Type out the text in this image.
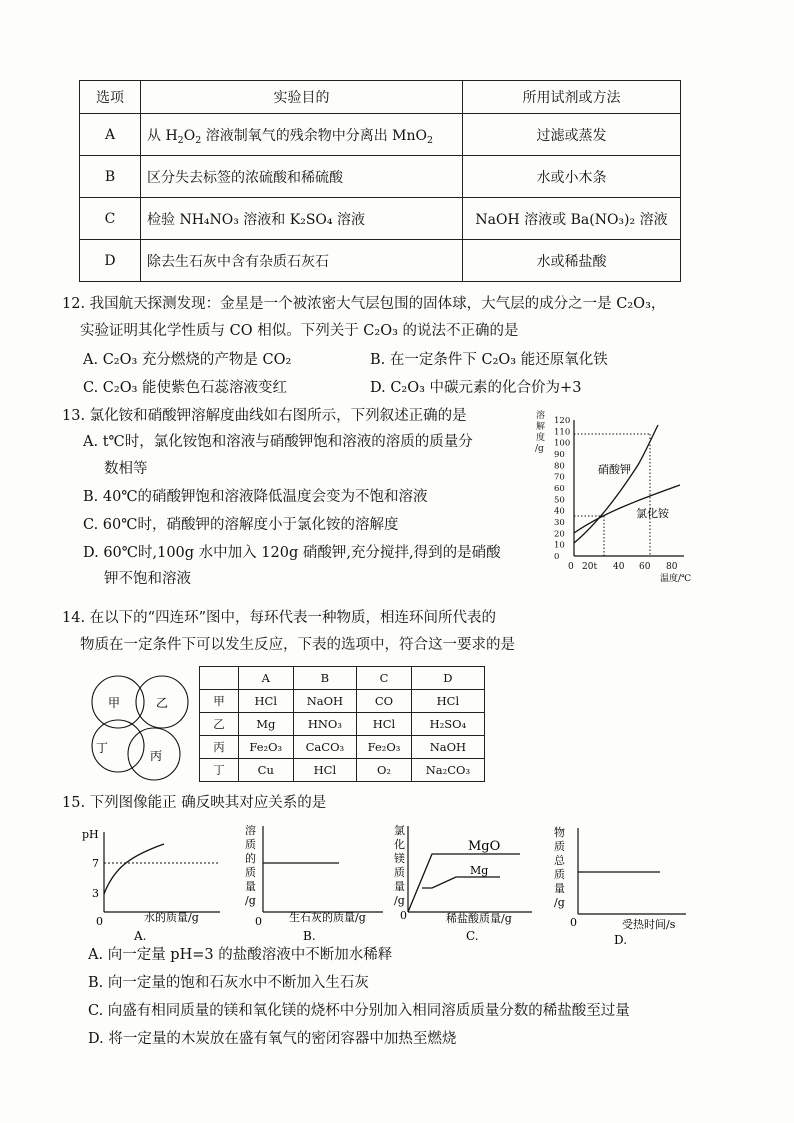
选项	实验目的	所用试剂或方法
A	从 $H_2O_2$ 溶液制氧气的残余物中分离出 MnO$_2$	过滤或蒸发
B	区分失去标签的浓硫酸和稀硫酸	水或小木条
C	检验 NH₄NO₃ 溶液和 K₂SO₄ 溶液	NaOH 溶液或 Ba(NO₃)₂ 溶液
D	除去生石灰中含有杂质石灰石	水或稀盐酸
12. 我国航天探测发现：金星是一个被浓密大气层包围的固体球，大气层的成分之一是 C₂O₃，
实验证明其化学性质与 CO 相似。下列关于 C₂O₃ 的说法不正确的是
A. C₂O₃ 充分燃烧的产物是 CO₂	B. 在一定条件下 C₂O₃ 能还原氧化铁
C. C₂O₃ 能使紫色石蕊溶液变红	D. C₂O₃ 中碳元素的化合价为+3
13. 氯化铵和硝酸钾溶解度曲线如右图所示，下列叙述正确的是
A. t℃时，氯化铵饱和溶液与硝酸钾饱和溶液的溶质的质量分
数相等
B. 40℃的硝酸钾饱和溶液降低温度会变为不饱和溶液
C. 60℃时，硝酸钾的溶解度小于氯化铵的溶解度
D. 60℃时,100g 水中加入 120g 硝酸钾,充分搅拌,得到的是硝酸
钾不饱和溶液
溶
解
度
/g
120
110
100
90
80
70
60
50
40
30
20
10
0
20t 40 60 80
0
硝酸钾
氯化铵
温度/℃
14. 在以下的“四连环”图中，每环代表一种物质，相连环间所代表的
物质在一定条件下可以发生反应，下表的选项中，符合这一要求的是
甲	乙
丁
丙
	A	B	C	D
甲	HCl	NaOH	CO	HCl
乙	Mg	HNO₃	HCl	H₂SO₄
丙	Fe₂O₃	CaCO₃	Fe₂O₃	NaOH
丁	Cu	HCl	O₂	Na₂CO₃
15. 下列图像能正 确反映其对应关系的是
pH
7
3
0	水的质量/g
A.
溶
质
的
质
量
/g
0 生石灰的质量/g
B.
氯
化
镁
质
量
/g
MgO
Mg
0	稀盐酸质量/g
C.
物
质
总
质
量
/g
0	受热时间/s
D.
A. 向一定量 pH=3 的盐酸溶液中不断加水稀释
B. 向一定量的饱和石灰水中不断加入生石灰
C. 向盛有相同质量的镁和氧化镁的烧杯中分别加入相同溶质质量分数的稀盐酸至过量
D. 将一定量的木炭放在盛有氧气的密闭容器中加热至燃烧
